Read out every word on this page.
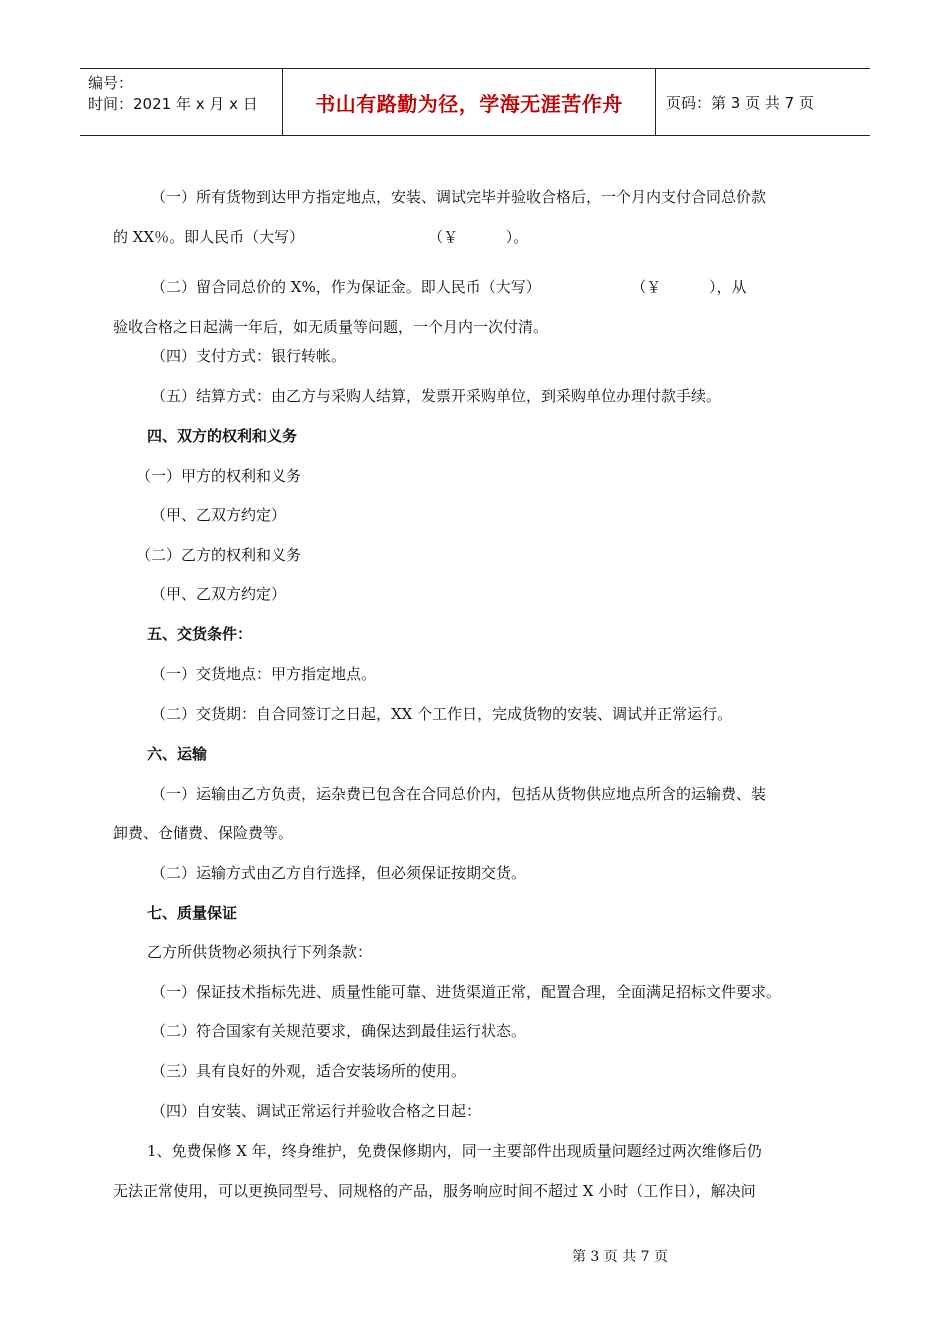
编号：
时间：2021 年 x 月 x 日	书山有路勤为径，学海无涯苦作舟	页码：第 3 页 共 7 页
（一）所有货物到达甲方指定地点，安装、调试完毕并验收合格后，一个月内支付合同总价款
的 XX％。即人民币（大写）                          （￥          ）。
（二）留合同总价的 X%，作为保证金。即人民币（大写）                   （￥          ），从
验收合格之日起满一年后，如无质量等问题，一个月内一次付清。
（四）支付方式：银行转帐。
（五）结算方式：由乙方与采购人结算，发票开采购单位，到采购单位办理付款手续。
四、双方的权利和义务
（一）甲方的权利和义务
（甲、乙双方约定）
（二）乙方的权利和义务
（甲、乙双方约定）
五、交货条件：
（一）交货地点：甲方指定地点。
（二）交货期：自合同签订之日起，XX 个工作日，完成货物的安装、调试并正常运行。
六、运输
（一）运输由乙方负责，运杂费已包含在合同总价内，包括从货物供应地点所含的运输费、装
卸费、仓储费、保险费等。
（二）运输方式由乙方自行选择，但必须保证按期交货。
七、质量保证
乙方所供货物必须执行下列条款：
（一）保证技术指标先进、质量性能可靠、进货渠道正常，配置合理，全面满足招标文件要求。
（二）符合国家有关规范要求，确保达到最佳运行状态。
（三）具有良好的外观，适合安装场所的使用。
（四）自安装、调试正常运行并验收合格之日起：
1、免费保修 X 年，终身维护，免费保修期内，同一主要部件出现质量问题经过两次维修后仍
无法正常使用，可以更换同型号、同规格的产品，服务响应时间不超过 X 小时（工作日），解决问
第 3 页 共 7 页
